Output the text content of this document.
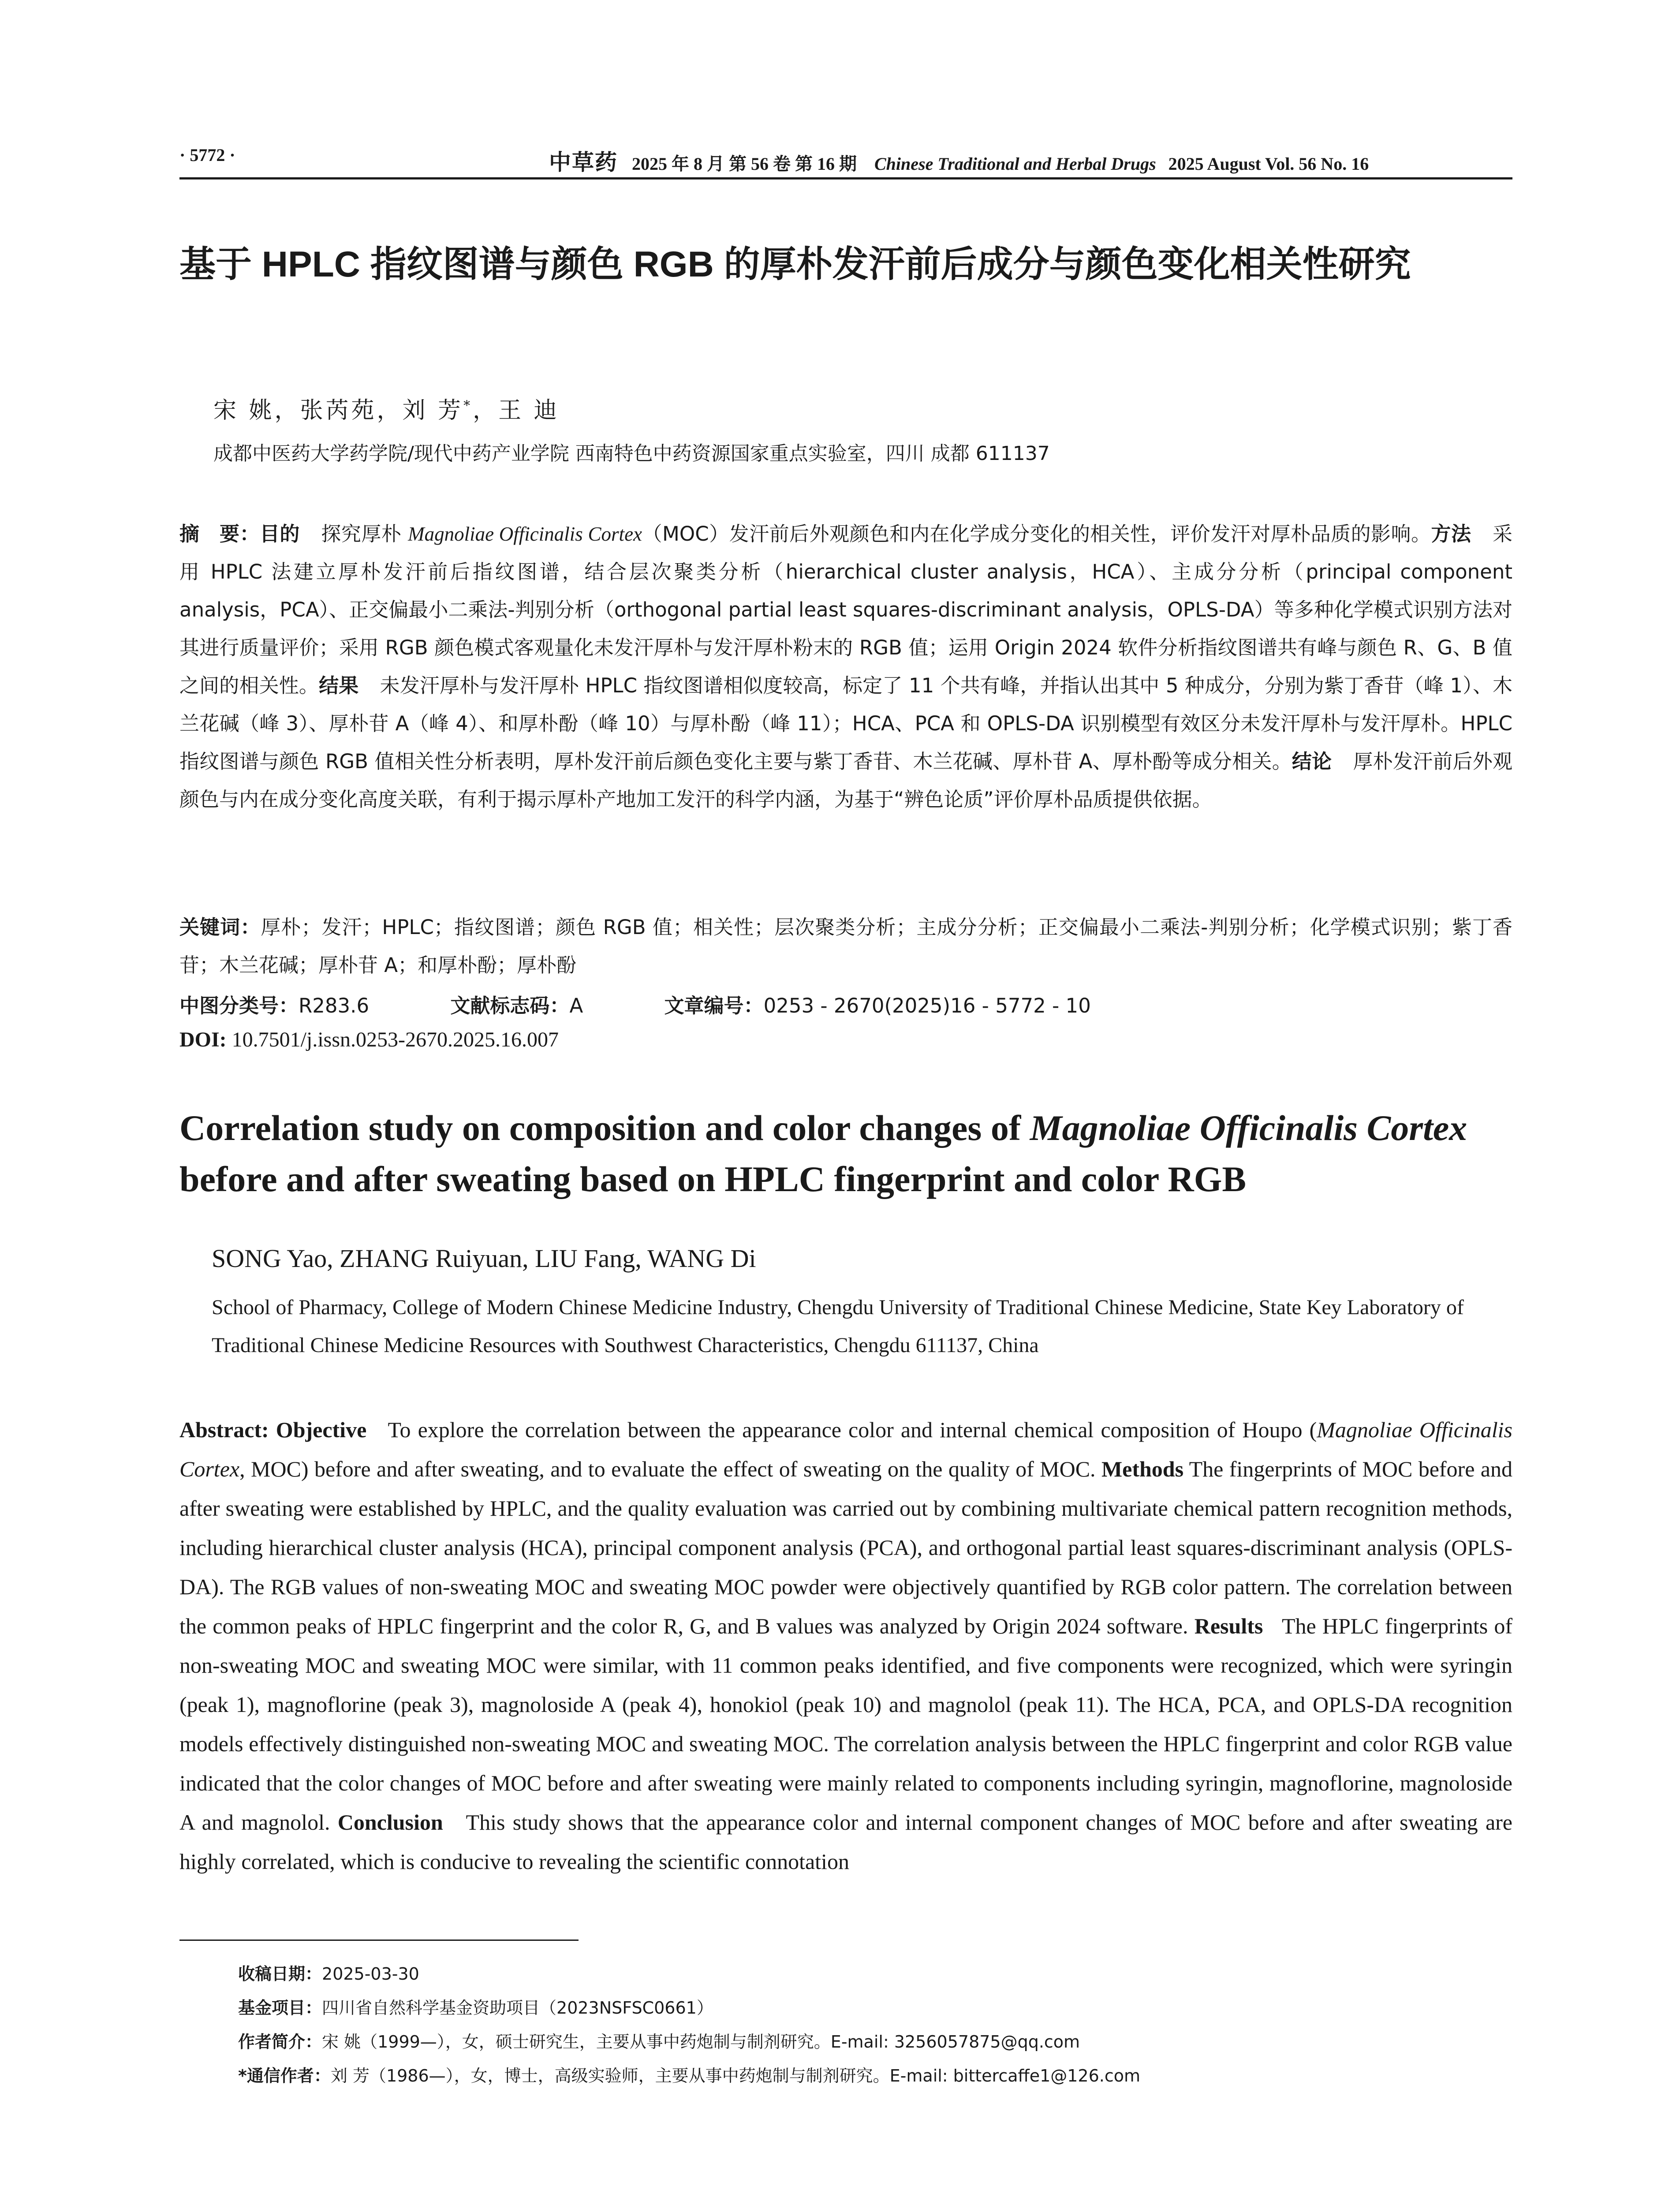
· 5772 ·	中草药 2025 年 8 月 第 56 卷 第 16 期 Chinese Traditional and Herbal Drugs 2025 August Vol. 56 No. 16
基于 HPLC 指纹图谱与颜色 RGB 的厚朴发汗前后成分与颜色变化相关性研究
宋 姚，张芮苑，刘 芳*，王 迪
成都中医药大学药学院/现代中药产业学院 西南特色中药资源国家重点实验室，四川 成都 611137
摘　要：目的 探究厚朴 Magnoliae Officinalis Cortex（MOC）发汗前后外观颜色和内在化学成分变化的相关性，评价发汗对厚朴品质的影响。方法 采用 HPLC 法建立厚朴发汗前后指纹图谱，结合层次聚类分析（hierarchical cluster analysis，HCA）、主成分分析（principal component analysis，PCA）、正交偏最小二乘法-判别分析（orthogonal partial least squares-discriminant analysis，OPLS-DA）等多种化学模式识别方法对其进行质量评价；采用 RGB 颜色模式客观量化未发汗厚朴与发汗厚朴粉末的 RGB 值；运用 Origin 2024 软件分析指纹图谱共有峰与颜色 R、G、B 值之间的相关性。结果 未发汗厚朴与发汗厚朴 HPLC 指纹图谱相似度较高，标定了 11 个共有峰，并指认出其中 5 种成分，分别为紫丁香苷（峰 1）、木兰花碱（峰 3）、厚朴苷 A（峰 4）、和厚朴酚（峰 10）与厚朴酚（峰 11）；HCA、PCA 和 OPLS-DA 识别模型有效区分未发汗厚朴与发汗厚朴。HPLC 指纹图谱与颜色 RGB 值相关性分析表明，厚朴发汗前后颜色变化主要与紫丁香苷、木兰花碱、厚朴苷 A、厚朴酚等成分相关。结论 厚朴发汗前后外观颜色与内在成分变化高度关联，有利于揭示厚朴产地加工发汗的科学内涵，为基于“辨色论质”评价厚朴品质提供依据。
关键词：厚朴；发汗；HPLC；指纹图谱；颜色 RGB 值；相关性；层次聚类分析；主成分分析；正交偏最小二乘法-判别分析；化学模式识别；紫丁香苷；木兰花碱；厚朴苷 A；和厚朴酚；厚朴酚
中图分类号：R283.6	文献标志码：A	文章编号：0253 - 2670(2025)16 - 5772 - 10
DOI: 10.7501/j.issn.0253-2670.2025.16.007
Correlation study on composition and color changes of Magnoliae Officinalis Cortex before and after sweating based on HPLC fingerprint and color RGB
SONG Yao, ZHANG Ruiyuan, LIU Fang, WANG Di
School of Pharmacy, College of Modern Chinese Medicine Industry, Chengdu University of Traditional Chinese Medicine, State Key Laboratory of Traditional Chinese Medicine Resources with Southwest Characteristics, Chengdu 611137, China
Abstract: Objective To explore the correlation between the appearance color and internal chemical composition of Houpo (Magnoliae Officinalis Cortex, MOC) before and after sweating, and to evaluate the effect of sweating on the quality of MOC. Methods The fingerprints of MOC before and after sweating were established by HPLC, and the quality evaluation was carried out by combining multivariate chemical pattern recognition methods, including hierarchical cluster analysis (HCA), principal component analysis (PCA), and orthogonal partial least squares-discriminant analysis (OPLS-DA). The RGB values of non-sweating MOC and sweating MOC powder were objectively quantified by RGB color pattern. The correlation between the common peaks of HPLC fingerprint and the color R, G, and B values was analyzed by Origin 2024 software. Results The HPLC fingerprints of non-sweating MOC and sweating MOC were similar, with 11 common peaks identified, and five components were recognized, which were syringin (peak 1), magnoflorine (peak 3), magnoloside A (peak 4), honokiol (peak 10) and magnolol (peak 11). The HCA, PCA, and OPLS-DA recognition models effectively distinguished non-sweating MOC and sweating MOC. The correlation analysis between the HPLC fingerprint and color RGB value indicated that the color changes of MOC before and after sweating were mainly related to components including syringin, magnoflorine, magnoloside A and magnolol. Conclusion This study shows that the appearance color and internal component changes of MOC before and after sweating are highly correlated, which is conducive to revealing the scientific connotation
收稿日期：2025-03-30
基金项目：四川省自然科学基金资助项目（2023NSFSC0661）
作者简介：宋 姚（1999—），女，硕士研究生，主要从事中药炮制与制剂研究。E-mail: 3256057875@qq.com
*通信作者：刘 芳（1986—），女，博士，高级实验师，主要从事中药炮制与制剂研究。E-mail: bittercaffe1@126.com
